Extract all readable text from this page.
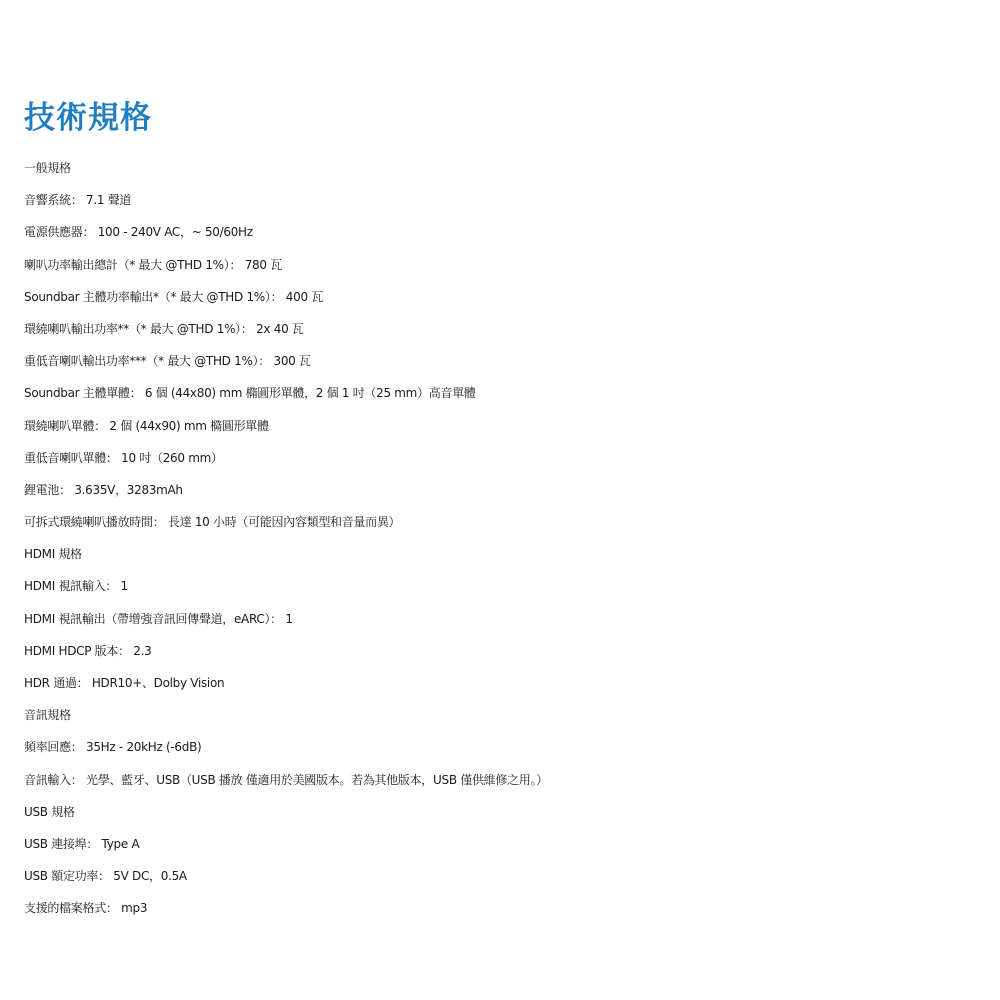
技術規格
一般規格
音響系統： 7.1 聲道
電源供應器： 100 - 240V AC，~ 50/60Hz
喇叭功率輸出總計（* 最大 @THD 1%）： 780 瓦
Soundbar 主體功率輸出*（* 最大 @THD 1%）： 400 瓦
環繞喇叭輸出功率**（* 最大 @THD 1%）： 2x 40 瓦
重低音喇叭輸出功率***（* 最大 @THD 1%）： 300 瓦
Soundbar 主體單體： 6 個 (44x80) mm 橢圓形單體，2 個 1 吋（25 mm）高音單體
環繞喇叭單體： 2 個 (44x90) mm 橢圓形單體
重低音喇叭單體： 10 吋（260 mm）
鋰電池： 3.635V，3283mAh
可拆式環繞喇叭播放時間： 長達 10 小時（可能因內容類型和音量而異）
HDMI 規格
HDMI 視訊輸入： 1
HDMI 視訊輸出（帶增強音訊回傳聲道，eARC）： 1
HDMI HDCP 版本： 2.3
HDR 通過： HDR10+、Dolby Vision
音訊規格
頻率回應： 35Hz - 20kHz (-6dB)
音訊輸入： 光學、藍牙、USB（USB 播放 僅適用於美國版本。若為其他版本，USB 僅供維修之用。）
USB 規格
USB 連接埠： Type A
USB 額定功率： 5V DC，0.5A
支援的檔案格式： mp3
